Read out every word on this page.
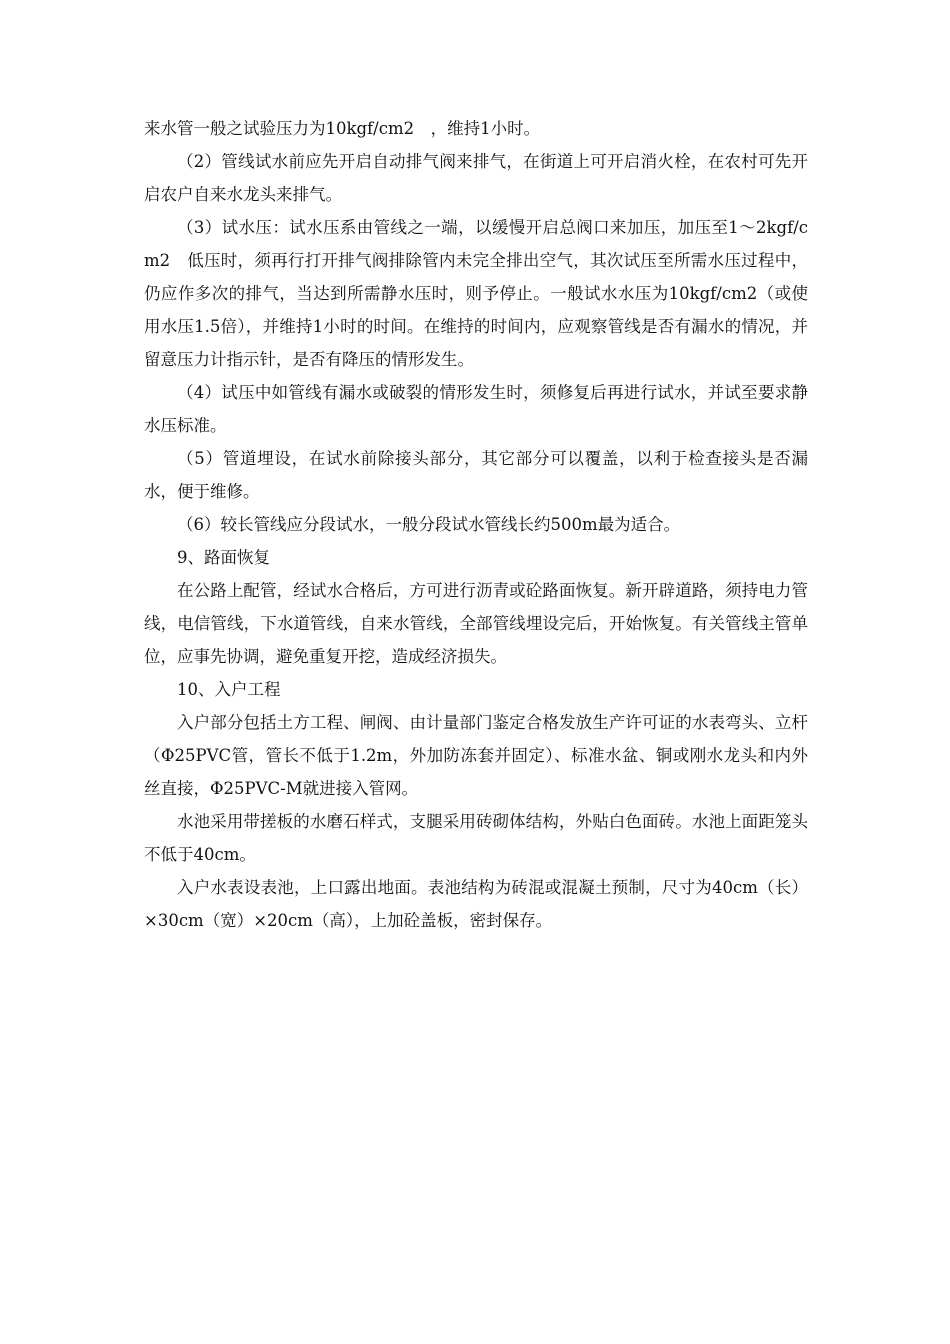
来水管一般之试验压力为10kgf/cm2　，维持1小时。

（2）管线试水前应先开启自动排气阀来排气，在街道上可开启消火栓，在农村可先开启农户自来水龙头来排气。

（3）试水压：试水压系由管线之一端，以缓慢开启总阀口来加压，加压至1～2kgf/cm2　低压时，须再行打开排气阀排除管内未完全排出空气，其次试压至所需水压过程中，仍应作多次的排气，当达到所需静水压时，则予停止。一般试水水压为10kgf/cm2（或使用水压1.5倍），并维持1小时的时间。在维持的时间内，应观察管线是否有漏水的情况，并留意压力计指示针，是否有降压的情形发生。

（4）试压中如管线有漏水或破裂的情形发生时，须修复后再进行试水，并试至要求静水压标准。

（5）管道埋设，在试水前除接头部分，其它部分可以覆盖，以利于检查接头是否漏水，便于维修。

（6）较长管线应分段试水，一般分段试水管线长约500m最为适合。

9、路面恢复

在公路上配管，经试水合格后，方可进行沥青或砼路面恢复。新开辟道路，须持电力管线，电信管线，下水道管线，自来水管线，全部管线埋设完后，开始恢复。有关管线主管单位，应事先协调，避免重复开挖，造成经济损失。

10、入户工程

入户部分包括土方工程、闸阀、由计量部门鉴定合格发放生产许可证的水表弯头、立杆（Φ25PVC管，管长不低于1.2m，外加防冻套并固定）、标准水盆、铜或刚水龙头和内外丝直接，Φ25PVC-M就进接入管网。

水池采用带搓板的水磨石样式，支腿采用砖砌体结构，外贴白色面砖。水池上面距笼头不低于40cm。

入户水表设表池，上口露出地面。表池结构为砖混或混凝土预制，尺寸为40cm（长）×30cm（宽）×20cm（高），上加砼盖板，密封保存。
